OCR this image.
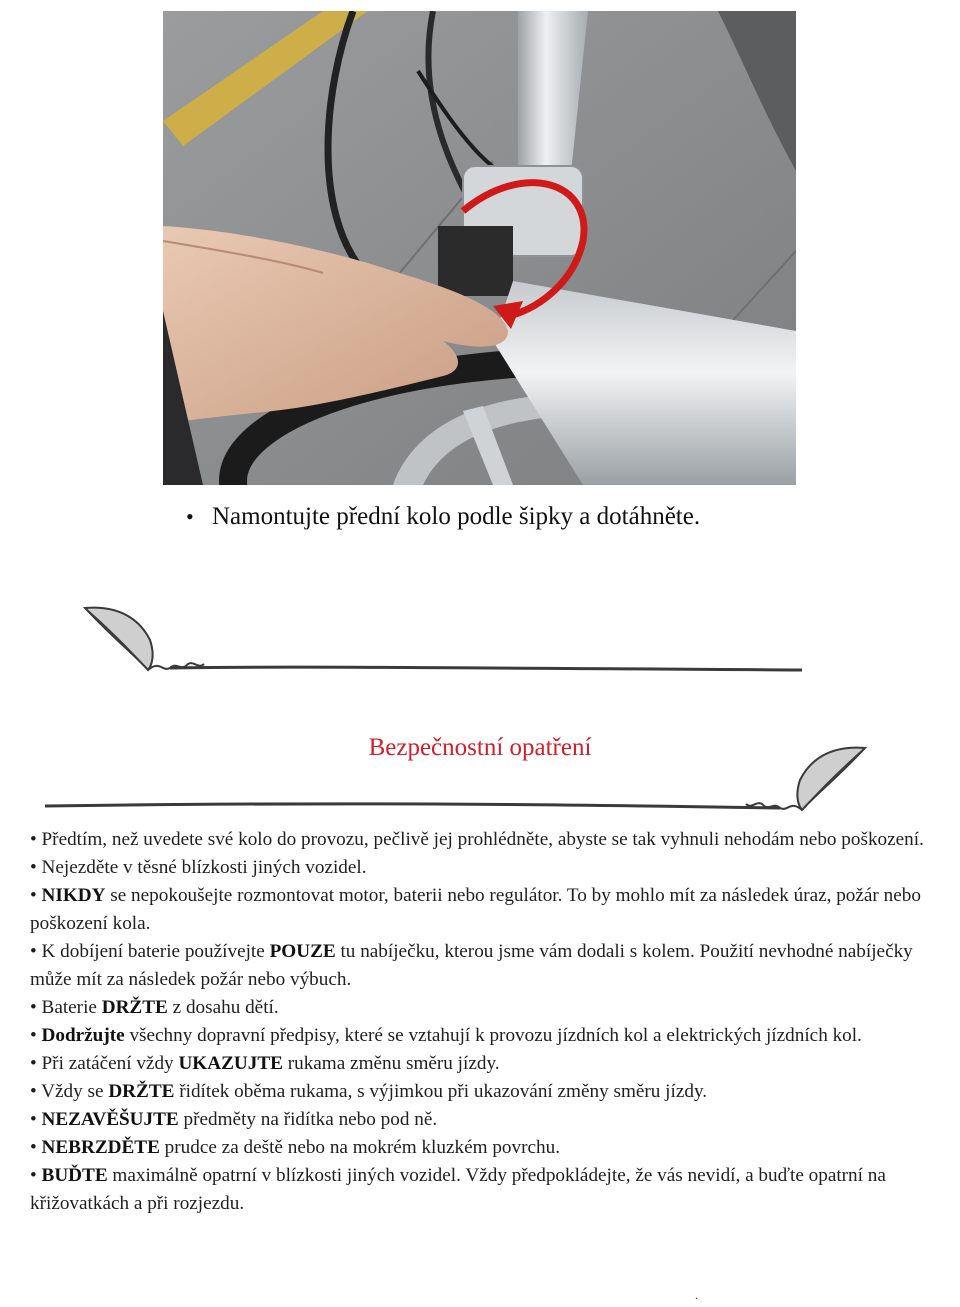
• Namontujte přední kolo podle šipky a dotáhněte.
Bezpečnostní opatření
• Předtím, než uvedete své kolo do provozu, pečlivě jej prohlédněte, abyste se tak vyhnuli nehodám nebo poškození.
• Nejezděte v těsné blízkosti jiných vozidel.
• NIKDY se nepokoušejte rozmontovat motor, baterii nebo regulátor. To by mohlo mít za následek úraz, požár nebo poškození kola.
• K dobíjení baterie používejte POUZE tu nabíječku, kterou jsme vám dodali s kolem. Použití nevhodné nabíječky může mít za následek požár nebo výbuch.
• Baterie DRŽTE z dosahu dětí.
• Dodržujte všechny dopravní předpisy, které se vztahují k provozu jízdních kol a elektrických jízdních kol.
• Při zatáčení vždy UKAZUJTE rukama změnu směru jízdy.
• Vždy se DRŽTE řidítek oběma rukama, s výjimkou při ukazování změny směru jízdy.
• NEZAVĚŠUJTE předměty na řidítka nebo pod ně.
• NEBRZDĚTE prudce za deště nebo na mokrém kluzkém povrchu.
• BUĎTE maximálně opatrní v blízkosti jiných vozidel. Vždy předpokládejte, že vás nevidí, a buďte opatrní na křižovatkách a při rozjezdu.
.
